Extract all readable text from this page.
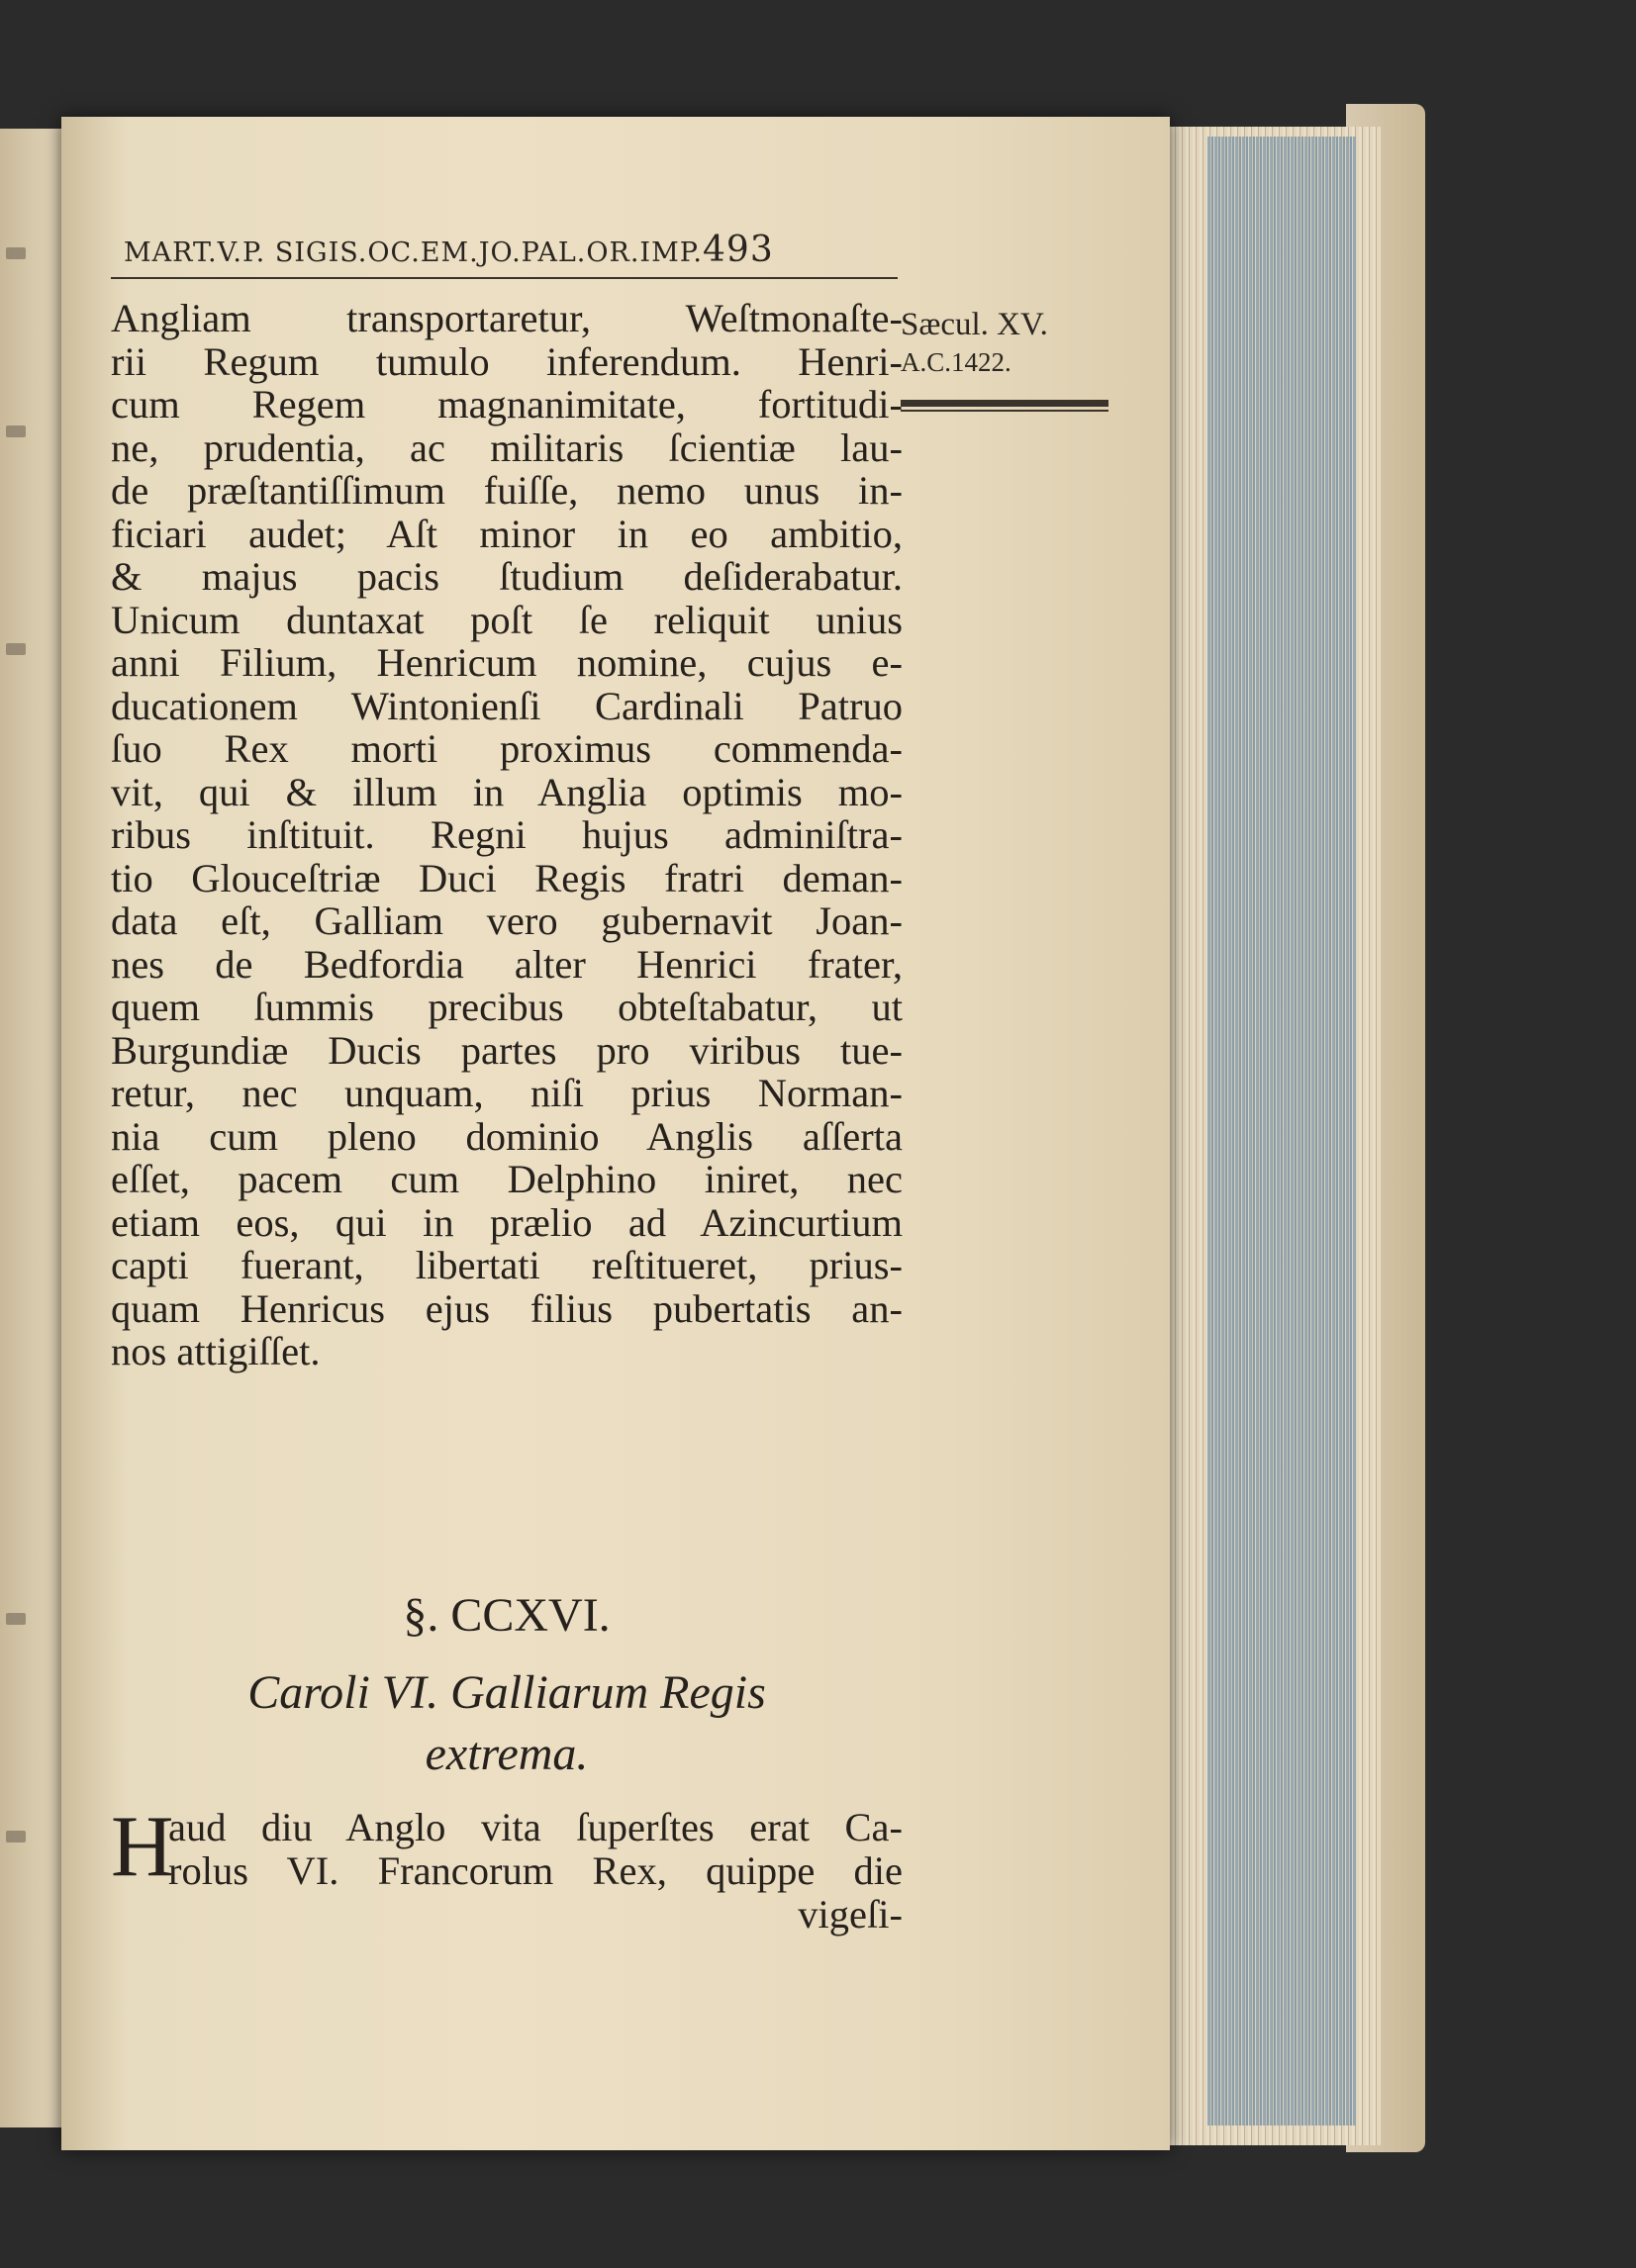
MART.V.P. SIGIS.OC.EM.JO.PAL.OR.IMP.493
Sæcul. XV.
A.C.1422.
Angliam transportaretur, Weſtmonaſte-
rii Regum tumulo inferendum. Henri-
cum Regem magnanimitate, fortitudi-
ne, prudentia, ac militaris ſcientiæ lau-
de præſtantiſſimum fuiſſe, nemo unus in-
ficiari audet; Aſt minor in eo ambitio,
& majus pacis ſtudium deſiderabatur.
Unicum duntaxat poſt ſe reliquit unius
anni Filium, Henricum nomine, cujus e-
ducationem Wintonienſi Cardinali Patruo
ſuo Rex morti proximus commenda-
vit, qui & illum in Anglia optimis mo-
ribus inſtituit. Regni hujus adminiſtra-
tio Glouceſtriæ Duci Regis fratri deman-
data eſt, Galliam vero gubernavit Joan-
nes de Bedfordia alter Henrici frater,
quem ſummis precibus obteſtabatur, ut
Burgundiæ Ducis partes pro viribus tue-
retur, nec unquam, niſi prius Norman-
nia cum pleno dominio Anglis aſſerta
eſſet, pacem cum Delphino iniret, nec
etiam eos, qui in prælio ad Azincurtium
capti fuerant, libertati reſtitueret, prius-
quam Henricus ejus filius pubertatis an-
nos attigiſſet.
§. CCXVI.
Caroli VI. Galliarum Regis
extrema.
H
aud diu Anglo vita ſuperſtes erat Ca-
rolus VI. Francorum Rex, quippe die
vigeſi-
